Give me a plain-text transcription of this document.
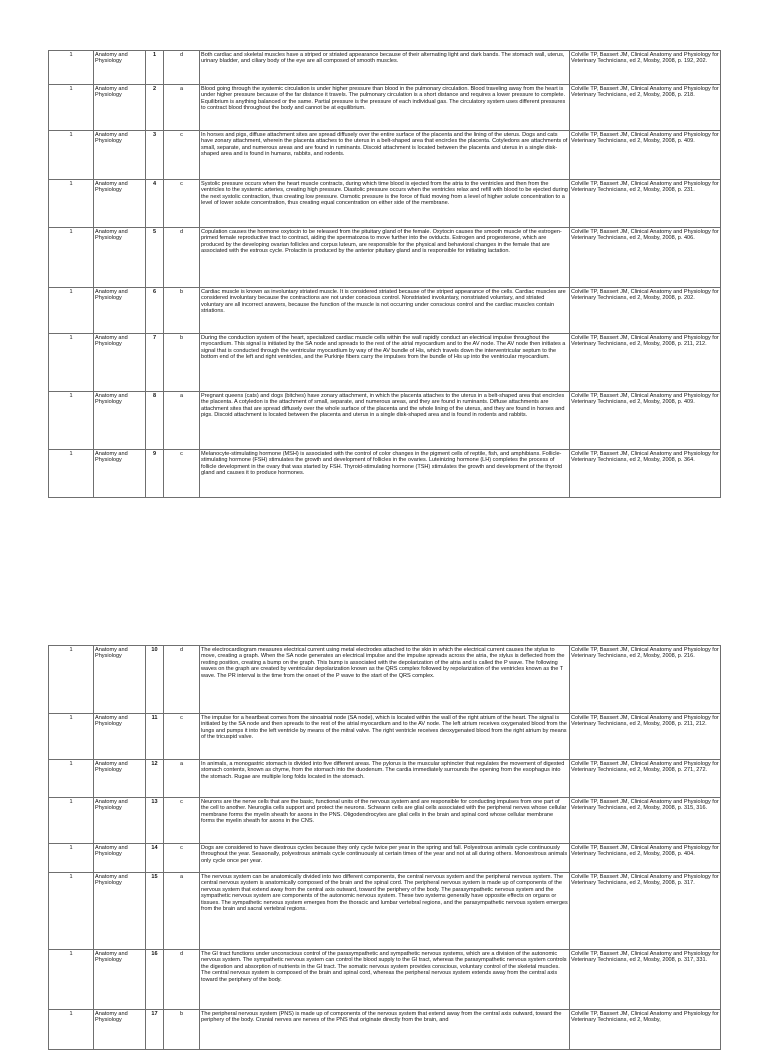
1	Anatomy and Physiology	1	d	Both cardiac and skeletal muscles have a striped or striated appearance because of their alternating light and dark bands. The stomach wall, uterus, urinary bladder, and ciliary body of the eye are all composed of smooth muscles.	Colville TP, Bassert JM, Clinical Anatomy and Physiology for Veterinary Technicians, ed 2, Mosby, 2008, p. 192, 202.
1	Anatomy and Physiology	2	a	Blood going through the systemic circulation is under higher pressure than blood in the pulmonary circulation. Blood traveling away from the heart is under higher pressure because of the far distance it travels. The pulmonary circulation is a short distance and requires a lower pressure to complete. Equilibrium is anything balanced or the same. Partial pressure is the pressure of each individual gas. The circulatory system uses different pressures to contract blood throughout the body and cannot be at equilibrium.	Colville TP, Bassert JM, Clinical Anatomy and Physiology for Veterinary Technicians, ed 2, Mosby, 2008, p. 218.
1	Anatomy and Physiology	3	c	In horses and pigs, diffuse attachment sites are spread diffusely over the entire surface of the placenta and the lining of the uterus. Dogs and cats have zonary attachment, wherein the placenta attaches to the uterus in a belt-shaped area that encircles the placenta. Cotyledons are attachments of small, separate, and numerous areas and are found in ruminants. Discoid attachment is located between the placenta and uterus in a single disk-shaped area and is found in humans, rabbits, and rodents.	Colville TP, Bassert JM, Clinical Anatomy and Physiology for Veterinary Technicians, ed 2, Mosby, 2008, p. 409.
1	Anatomy and Physiology	4	c	Systolic pressure occurs when the heart muscle contracts, during which time blood is ejected from the atria to the ventricles and then from the ventricles to the systemic arteries, creating high pressure. Diastolic pressure occurs when the ventricles relax and refill with blood to be ejected during the next systolic contraction, thus creating low pressure. Osmotic pressure is the force of fluid moving from a level of higher solute concentration to a level of lower solute concentration, thus creating equal concentration on either side of the membrane.	Colville TP, Bassert JM, Clinical Anatomy and Physiology for Veterinary Technicians, ed 2, Mosby, 2008, p. 231.
1	Anatomy and Physiology	5	d	Copulation causes the hormone oxytocin to be released from the pituitary gland of the female. Oxytocin causes the smooth muscle of the estrogen-primed female reproductive tract to contract, aiding the spermatozoa to move further into the oviducts. Estrogen and progesterone, which are produced by the developing ovarian follicles and corpus luteum, are responsible for the physical and behavioral changes in the female that are associated with the estrous cycle. Prolactin is produced by the anterior pituitary gland and is responsible for initiating lactation.	Colville TP, Bassert JM, Clinical Anatomy and Physiology for Veterinary Technicians, ed 2, Mosby, 2008, p. 406.
1	Anatomy and Physiology	6	b	Cardiac muscle is known as involuntary striated muscle. It is considered striated because of the striped appearance of the cells. Cardiac muscles are considered involuntary because the contractions are not under conscious control. Nonstriated involuntary, nonstriated voluntary, and striated voluntary are all incorrect answers, because the function of the muscle is not occurring under conscious control and the cardiac muscles contain striations.	Colville TP, Bassert JM, Clinical Anatomy and Physiology for Veterinary Technicians, ed 2, Mosby, 2008, p. 202.
1	Anatomy and Physiology	7	b	During the conduction system of the heart, specialized cardiac muscle cells within the wall rapidly conduct an electrical impulse throughout the myocardium. This signal is initiated by the SA node and spreads to the rest of the atrial myocardium and to the AV node. The AV node then initiates a signal that is conducted through the ventricular myocardium by way of the AV bundle of His, which travels down the interventricular septum to the bottom end of the left and right ventricles, and the Purkinje fibers carry the impulses from the bundle of His up into the ventricular myocardium.	Colville TP, Bassert JM, Clinical Anatomy and Physiology for Veterinary Technicians, ed 2, Mosby, 2008, p. 211, 212.
1	Anatomy and Physiology	8	a	Pregnant queens (cats) and dogs (bitches) have zonary attachment, in which the placenta attaches to the uterus in a belt-shaped area that encircles the placenta. A cotyledon is the attachment of small, separate, and numerous areas, and they are found in ruminants. Diffuse attachments are attachment sites that are spread diffusely over the whole surface of the placenta and the whole lining of the uterus, and they are found in horses and pigs. Discoid attachment is located between the placenta and uterus in a single disk-shaped area and is found in rodents and rabbits.	Colville TP, Bassert JM, Clinical Anatomy and Physiology for Veterinary Technicians, ed 2, Mosby, 2008, p. 409.
1	Anatomy and Physiology	9	c	Melanocyte-stimulating hormone (MSH) is associated with the control of color changes in the pigment cells of reptile, fish, and amphibians. Follicle-stimulating hormone (FSH) stimulates the growth and development of follicles in the ovaries. Luteinizing hormone (LH) completes the process of follicle development in the ovary that was started by FSH. Thyroid-stimulating hormone (TSH) stimulates the growth and development of the thyroid gland and causes it to produce hormones.	Colville TP, Bassert JM, Clinical Anatomy and Physiology for Veterinary Technicians, ed 2, Mosby, 2008, p. 364.
1	Anatomy and Physiology	10	d	The electrocardiogram measures electrical current using metal electrodes attached to the skin in which the electrical current causes the stylus to move, creating a graph. When the SA node generates an electrical impulse and the impulse spreads across the atria, the stylus is deflected from the resting position, creating a bump on the graph. This bump is associated with the depolarization of the atria and is called the P wave. The following waves on the graph are created by ventricular depolarization known as the QRS complex followed by repolarization of the ventricles known as the T wave. The PR interval is the time from the onset of the P wave to the start of the QRS complex.	Colville TP, Bassert JM, Clinical Anatomy and Physiology for Veterinary Technicians, ed 2, Mosby, 2008, p. 216.
1	Anatomy and Physiology	11	c	The impulse for a heartbeat comes from the sinoatrial node (SA node), which is located within the wall of the right atrium of the heart. The signal is initiated by the SA node and then spreads to the rest of the atrial myocardium and to the AV node. The left atrium receives oxygenated blood from the lungs and pumps it into the left ventricle by means of the mitral valve. The right ventricle receives deoxygenated blood from the right atrium by means of the tricuspid valve.	Colville TP, Bassert JM, Clinical Anatomy and Physiology for Veterinary Technicians, ed 2, Mosby, 2008, p. 211, 212.
1	Anatomy and Physiology	12	a	In animals, a monogastric stomach is divided into five different areas. The pylorus is the muscular sphincter that regulates the movement of digested stomach contents, known as chyme, from the stomach into the duodenum. The cardia immediately surrounds the opening from the esophagus into the stomach. Rugae are multiple long folds located in the stomach.	Colville TP, Bassert JM, Clinical Anatomy and Physiology for Veterinary Technicians, ed 2, Mosby, 2008, p. 271, 272.
1	Anatomy and Physiology	13	c	Neurons are the nerve cells that are the basic, functional units of the nervous system and are responsible for conducting impulses from one part of the cell to another. Neuroglia cells support and protect the neurons. Schwann cells are glial cells associated with the peripheral nerves whose cellular membrane forms the myelin sheath for axons in the PNS. Oligodendrocytes are glial cells in the brain and spinal cord whose cellular membrane forms the myelin sheath for axons in the CNS.	Colville TP, Bassert JM, Clinical Anatomy and Physiology for Veterinary Technicians, ed 2, Mosby, 2008, p. 315, 316.
1	Anatomy and Physiology	14	c	Dogs are considered to have diestrous cycles because they only cycle twice per year in the spring and fall. Polyestrous animals cycle continuously throughout the year. Seasonally, polyestrous animals cycle continuously at certain times of the year and not at all during others. Monoestrous animals only cycle once per year.	Colville TP, Bassert JM, Clinical Anatomy and Physiology for Veterinary Technicians, ed 2, Mosby, 2008, p. 404.
1	Anatomy and Physiology	15	a	The nervous system can be anatomically divided into two different components, the central nervous system and the peripheral nervous system. The central nervous system is anatomically composed of the brain and the spinal cord. The peripheral nervous system is made up of components of the nervous system that extend away from the central axis outward, toward the periphery of the body. The parasympathetic nervous system and the sympathetic nervous system are components of the autonomic nervous system. These two systems generally have opposite effects on organs or tissues. The sympathetic nervous system emerges from the thoracic and lumbar vertebral regions, and the parasympathetic nervous system emerges from the brain and sacral vertebral regions.	Colville TP, Bassert JM, Clinical Anatomy and Physiology for Veterinary Technicians, ed 2, Mosby, 2008, p. 317.
1	Anatomy and Physiology	16	d	The GI tract functions under unconscious control of the parasympathetic and sympathetic nervous systems, which are a division of the autonomic nervous system. The sympathetic nervous system can control the blood supply to the GI tract, whereas the parasympathetic nervous system controls the digestion and absorption of nutrients in the GI tract. The somatic nervous system provides conscious, voluntary control of the skeletal muscles. The central nervous system is composed of the brain and spinal cord, whereas the peripheral nervous system extends away from the central axis toward the periphery of the body.	Colville TP, Bassert JM, Clinical Anatomy and Physiology for Veterinary Technicians, ed 2, Mosby, 2008, p. 317, 331.
1	Anatomy and Physiology	17	b	The peripheral nervous system (PNS) is made up of components of the nervous system that extend away from the central axis outward, toward the periphery of the body. Cranial nerves are nerves of the PNS that originate directly from the brain, and	Colville TP, Bassert JM, Clinical Anatomy and Physiology for Veterinary Technicians, ed 2, Mosby,
